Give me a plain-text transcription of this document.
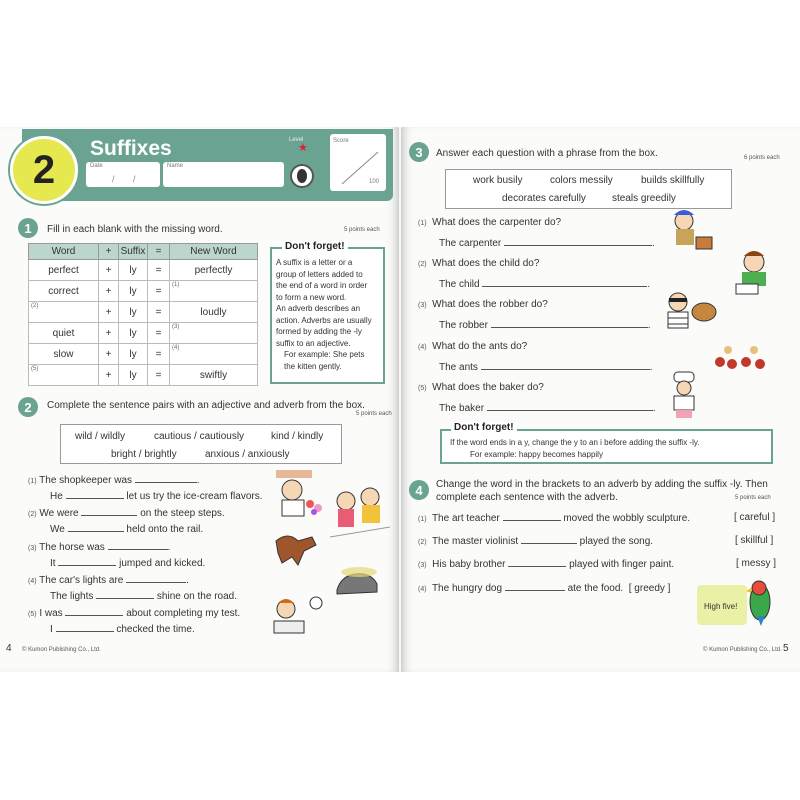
2	Suffixes
Date
/ /
Name
Level
★
Score
100
1	Fill in each blank with the missing word.	5 points each
Word	+	Suffix	=	New Word

perfect	+	ly	=	perfectly

correct	+	ly	=	(1)

(2)	+	ly	=	loudly

quiet	+	ly	=	(3)

slow	+	ly	=	(4)

(5)	+	ly	=	swiftly
Don't forget!
A suffix is a letter or a
group of letters added to
the end of a word in order
to form a new word.
An adverb describes an
action. Adverbs are usually
formed by adding the -ly
suffix to an adjective.
For example: She pets
the kitten gently.
2	Complete the sentence pairs with an adjective and adverb from the box.
5 points each
wild / wildly	cautious / cautiously	kind / kindly
bright / brightly	anxious / anxiously
(1) The shopkeeper was	.
He	let us try the ice-cream flavors.
(2) We were	on the steep steps.
We	held onto the rail.
(3) The horse was	.
It	jumped and kicked.
(4) The car's lights are	.
The lights	shine on the road.
(5) I was	about completing my test.
I	checked the time.
4 © Kumon Publishing Co., Ltd.
3	Answer each question with a phrase from the box.	6 points each
work busily	colors messily	builds skillfully
decorates carefully	steals greedily
(1) What does the carpenter do?
The carpenter	.
(2) What does the child do?
The child	.
(3) What does the robber do?
The robber	.
(4) What do the ants do?
The ants	.
(5) What does the baker do?
The baker	.
Don't forget!
If the word ends in a y, change the y to an i before adding the suffix -ly.
For example: happy becomes happily
4	Change the word in the brackets to an adverb by adding the suffix -ly. Then
complete each sentence with the adverb.	5 points each
(1) The art teacher	moved the wobbly sculpture.	[ careful ]
(2) The master violinist	played the song.	[ skillful ]
(3) His baby brother	played with finger paint.	[ messy ]
(4) The hungry dog	ate the food. [ greedy ]
High five!
© Kumon Publishing Co., Ltd. 5
